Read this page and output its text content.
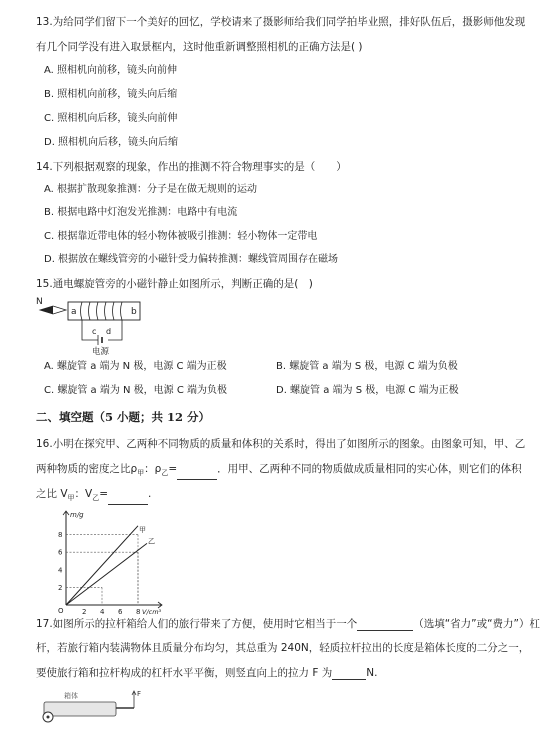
13.为给同学们留下一个美好的回忆，学校请来了摄影师给我们同学拍毕业照，排好队伍后，摄影师他发现
有几个同学没有进入取景框内，这时他重新调整照相机的正确方法是( )
A. 照相机向前移，镜头向前伸
B. 照相机向前移，镜头向后缩
C. 照相机向后移，镜头向前伸
D. 照相机向后移，镜头向后缩
14.下列根据观察的现象，作出的推测不符合物理事实的是（　　）
A. 根据扩散现象推测：分子是在做无规则的运动
B. 根据电路中灯泡发光推测：电路中有电流
C. 根据靠近带电体的轻小物体被吸引推测：轻小物体一定带电
D. 根据放在螺线管旁的小磁针受力偏转推测：螺线管周围存在磁场
15.通电螺旋管旁的小磁针静止如图所示，判断正确的是(　)
N
a	b
c d
电源
A. 螺旋管 a 端为 N 极，电源 C 端为正极	B. 螺旋管 a 端为 S 极，电源 C 端为负极
C. 螺旋管 a 端为 N 极，电源 C 端为负极	D. 螺旋管 a 端为 S 极，电源 C 端为正极
二、填空题（5 小题；共 12 分）
16.小明在探究甲、乙两种不同物质的质量和体积的关系时，得出了如图所示的图象。由图象可知，甲、乙
两种物质的密度之比$\rho_甲$：$\rho_乙=$	．用甲、乙两种不同的物质做成质量相同的实心体，则它们的体积
之比 $V_甲$：$V_乙=$	.
m/g
V/cm³
O	2 4 6 8
2
4
6
8
甲
乙
17.如图所示的拉杆箱给人们的旅行带来了方便，使用时它相当于一个	（选填“省力”或“费力”）杠
杆，若旅行箱内装满物体且质量分布均匀，其总重为 240N，轻质拉杆拉出的长度是箱体长度的二分之一，
要使旅行箱和拉杆构成的杠杆水平平衡，则竖直向上的拉力 F 为	N.
箱体	F
